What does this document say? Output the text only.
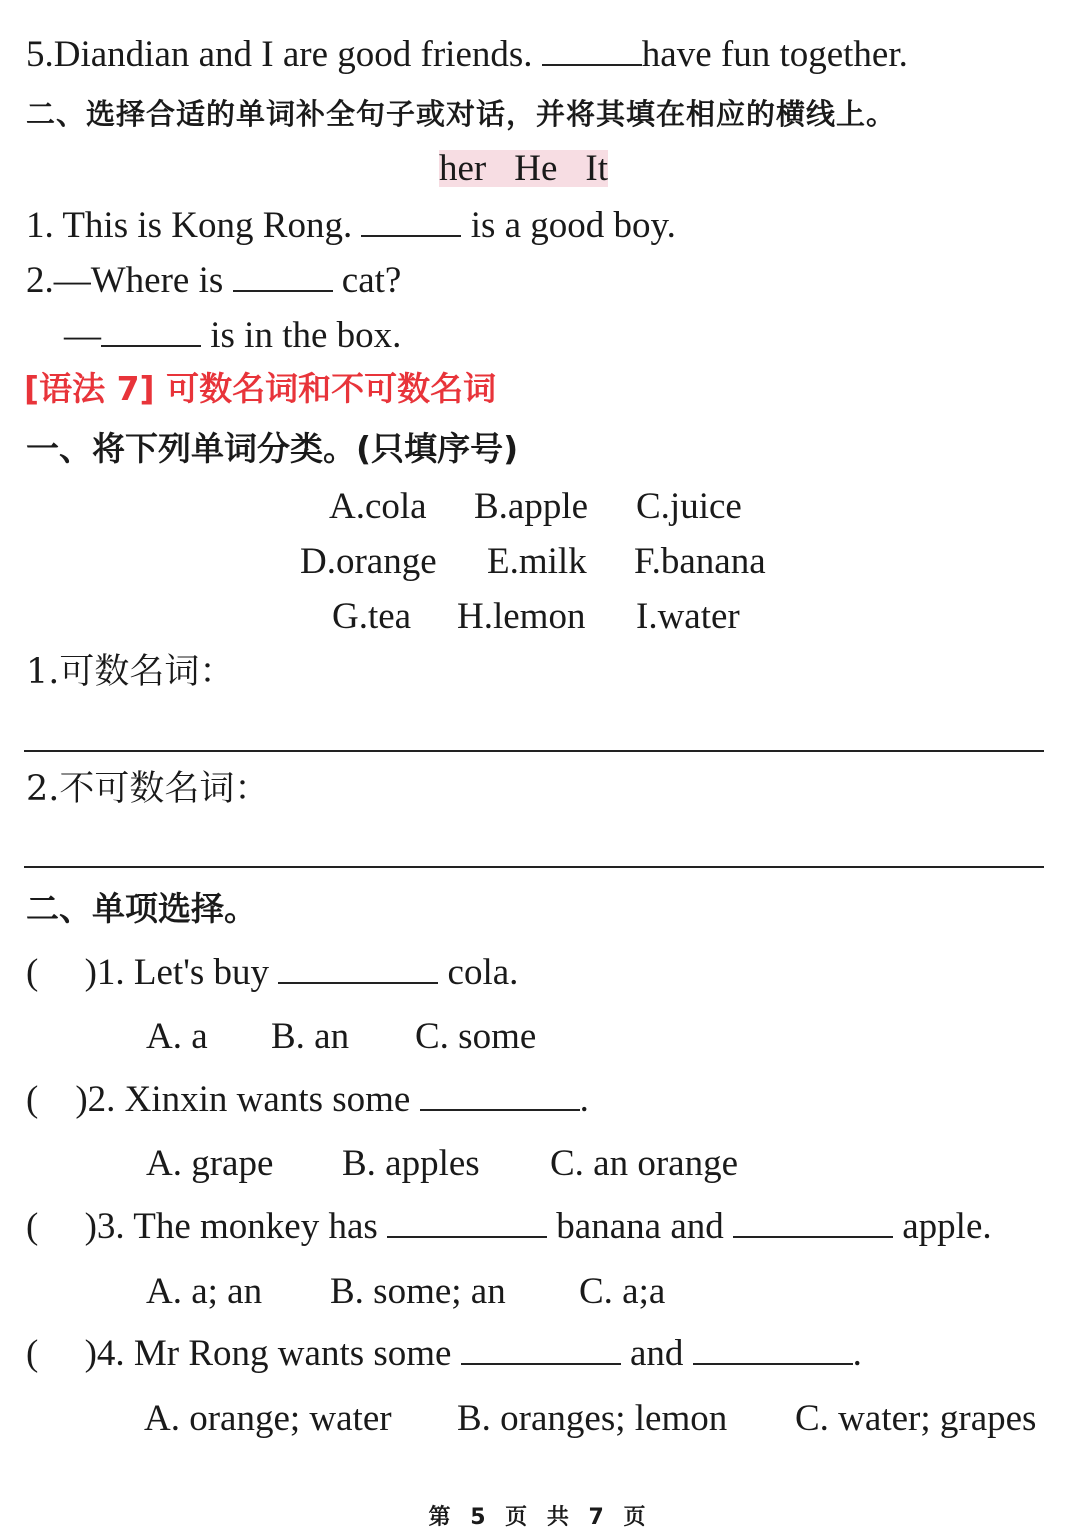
5.Diandian and I are good friends.	have fun together.
二、选择合适的单词补全句子或对话，并将其填在相应的横线上。
her He It
1. This is Kong Rong.	is a good boy.
2.—Where is	cat?
—	is in the box.
[语法 7] 可数名词和不可数名词
一、将下列单词分类。(只填序号)
A.cola B.apple C.juice
D.orange E.milk F.banana
G.tea H.lemon I.water
1.可数名词：
2.不可数名词：
二、单项选择。
(     )1. Let's buy	cola.
A. a B. an C. some
(    )2. Xinxin wants some	.
A. grape B. apples C. an orange
(     )3. The monkey has	banana and	apple.
A. a; an B. some; an C. a;a
(     )4. Mr Rong wants some	and	.
A. orange; water B. oranges; lemon C. water; grapes
第 5 页 共 7 页
